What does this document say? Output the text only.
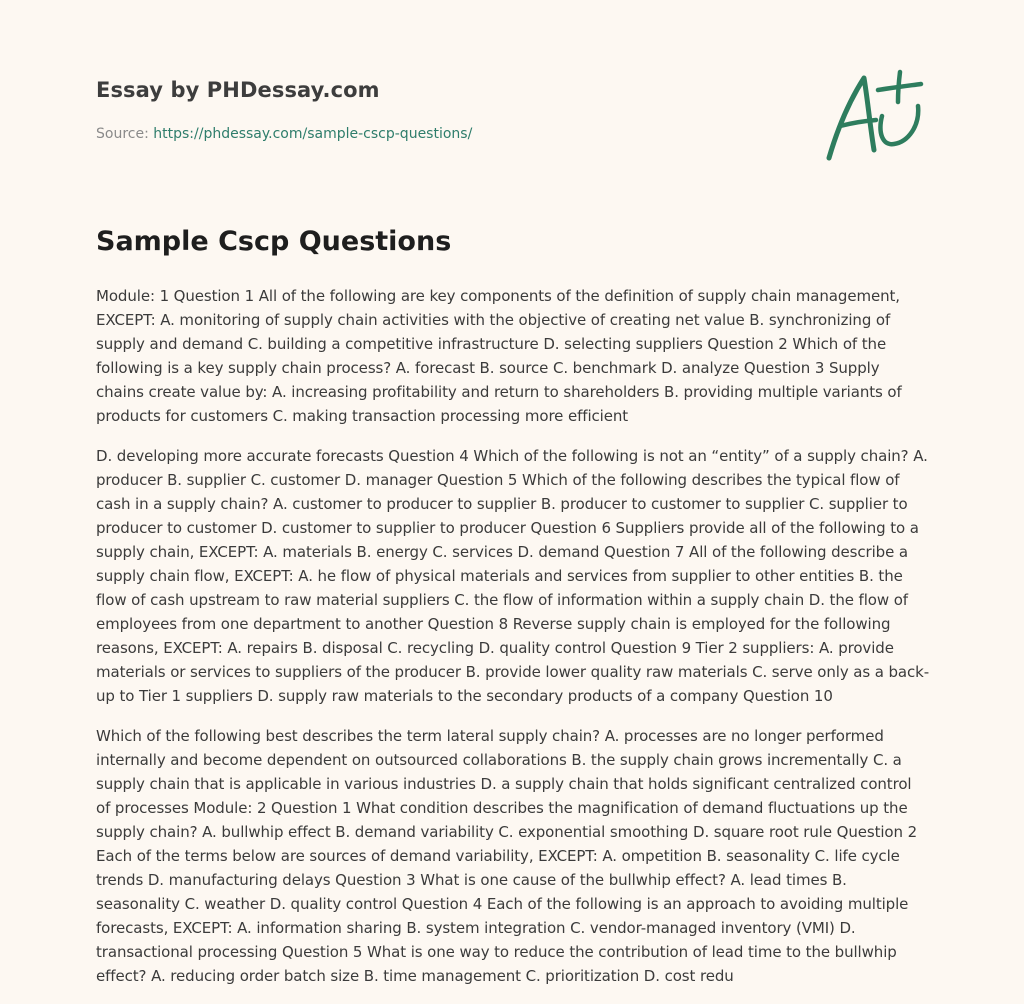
Essay by PHDessay.com
Source: https://phdessay.com/sample-cscp-questions/
Sample Cscp Questions

Module: 1 Question 1 All of the following are key components of the definition of supply chain management, EXCEPT: A. monitoring of supply chain activities with the objective of creating net value B. synchronizing of supply and demand C. building a competitive infrastructure D. selecting suppliers Question 2 Which of the following is a key supply chain process? A. forecast B. source C. benchmark D. analyze Question 3 Supply chains create value by: A. increasing profitability and return to shareholders B. providing multiple variants of products for customers C. making transaction processing more efficient

D. developing more accurate forecasts Question 4 Which of the following is not an “entity” of a supply chain? A. producer B. supplier C. customer D. manager Question 5 Which of the following describes the typical flow of cash in a supply chain? A. customer to producer to supplier B. producer to customer to supplier C. supplier to producer to customer D. customer to supplier to producer Question 6 Suppliers provide all of the following to a supply chain, EXCEPT: A. materials B. energy C. services D. demand Question 7 All of the following describe a supply chain flow, EXCEPT: A. he flow of physical materials and services from supplier to other entities B. the flow of cash upstream to raw material suppliers C. the flow of information within a supply chain D. the flow of employees from one department to another Question 8 Reverse supply chain is employed for the following reasons, EXCEPT: A. repairs B. disposal C. recycling D. quality control Question 9 Tier 2 suppliers: A. provide materials or services to suppliers of the producer B. provide lower quality raw materials C. serve only as a back-up to Tier 1 suppliers D. supply raw materials to the secondary products of a company Question 10

Which of the following best describes the term lateral supply chain? A. processes are no longer performed internally and become dependent on outsourced collaborations B. the supply chain grows incrementally C. a supply chain that is applicable in various industries D. a supply chain that holds significant centralized control of processes Module: 2 Question 1 What condition describes the magnification of demand fluctuations up the supply chain? A. bullwhip effect B. demand variability C. exponential smoothing D. square root rule Question 2 Each of the terms below are sources of demand variability, EXCEPT: A. ompetition B. seasonality C. life cycle trends D. manufacturing delays Question 3 What is one cause of the bullwhip effect? A. lead times B. seasonality C. weather D. quality control Question 4 Each of the following is an approach to avoiding multiple forecasts, EXCEPT: A. information sharing B. system integration C. vendor-managed inventory (VMI) D. transactional processing Question 5 What is one way to reduce the contribution of lead time to the bullwhip effect? A. reducing order batch size B. time management C. prioritization D. cost redu
